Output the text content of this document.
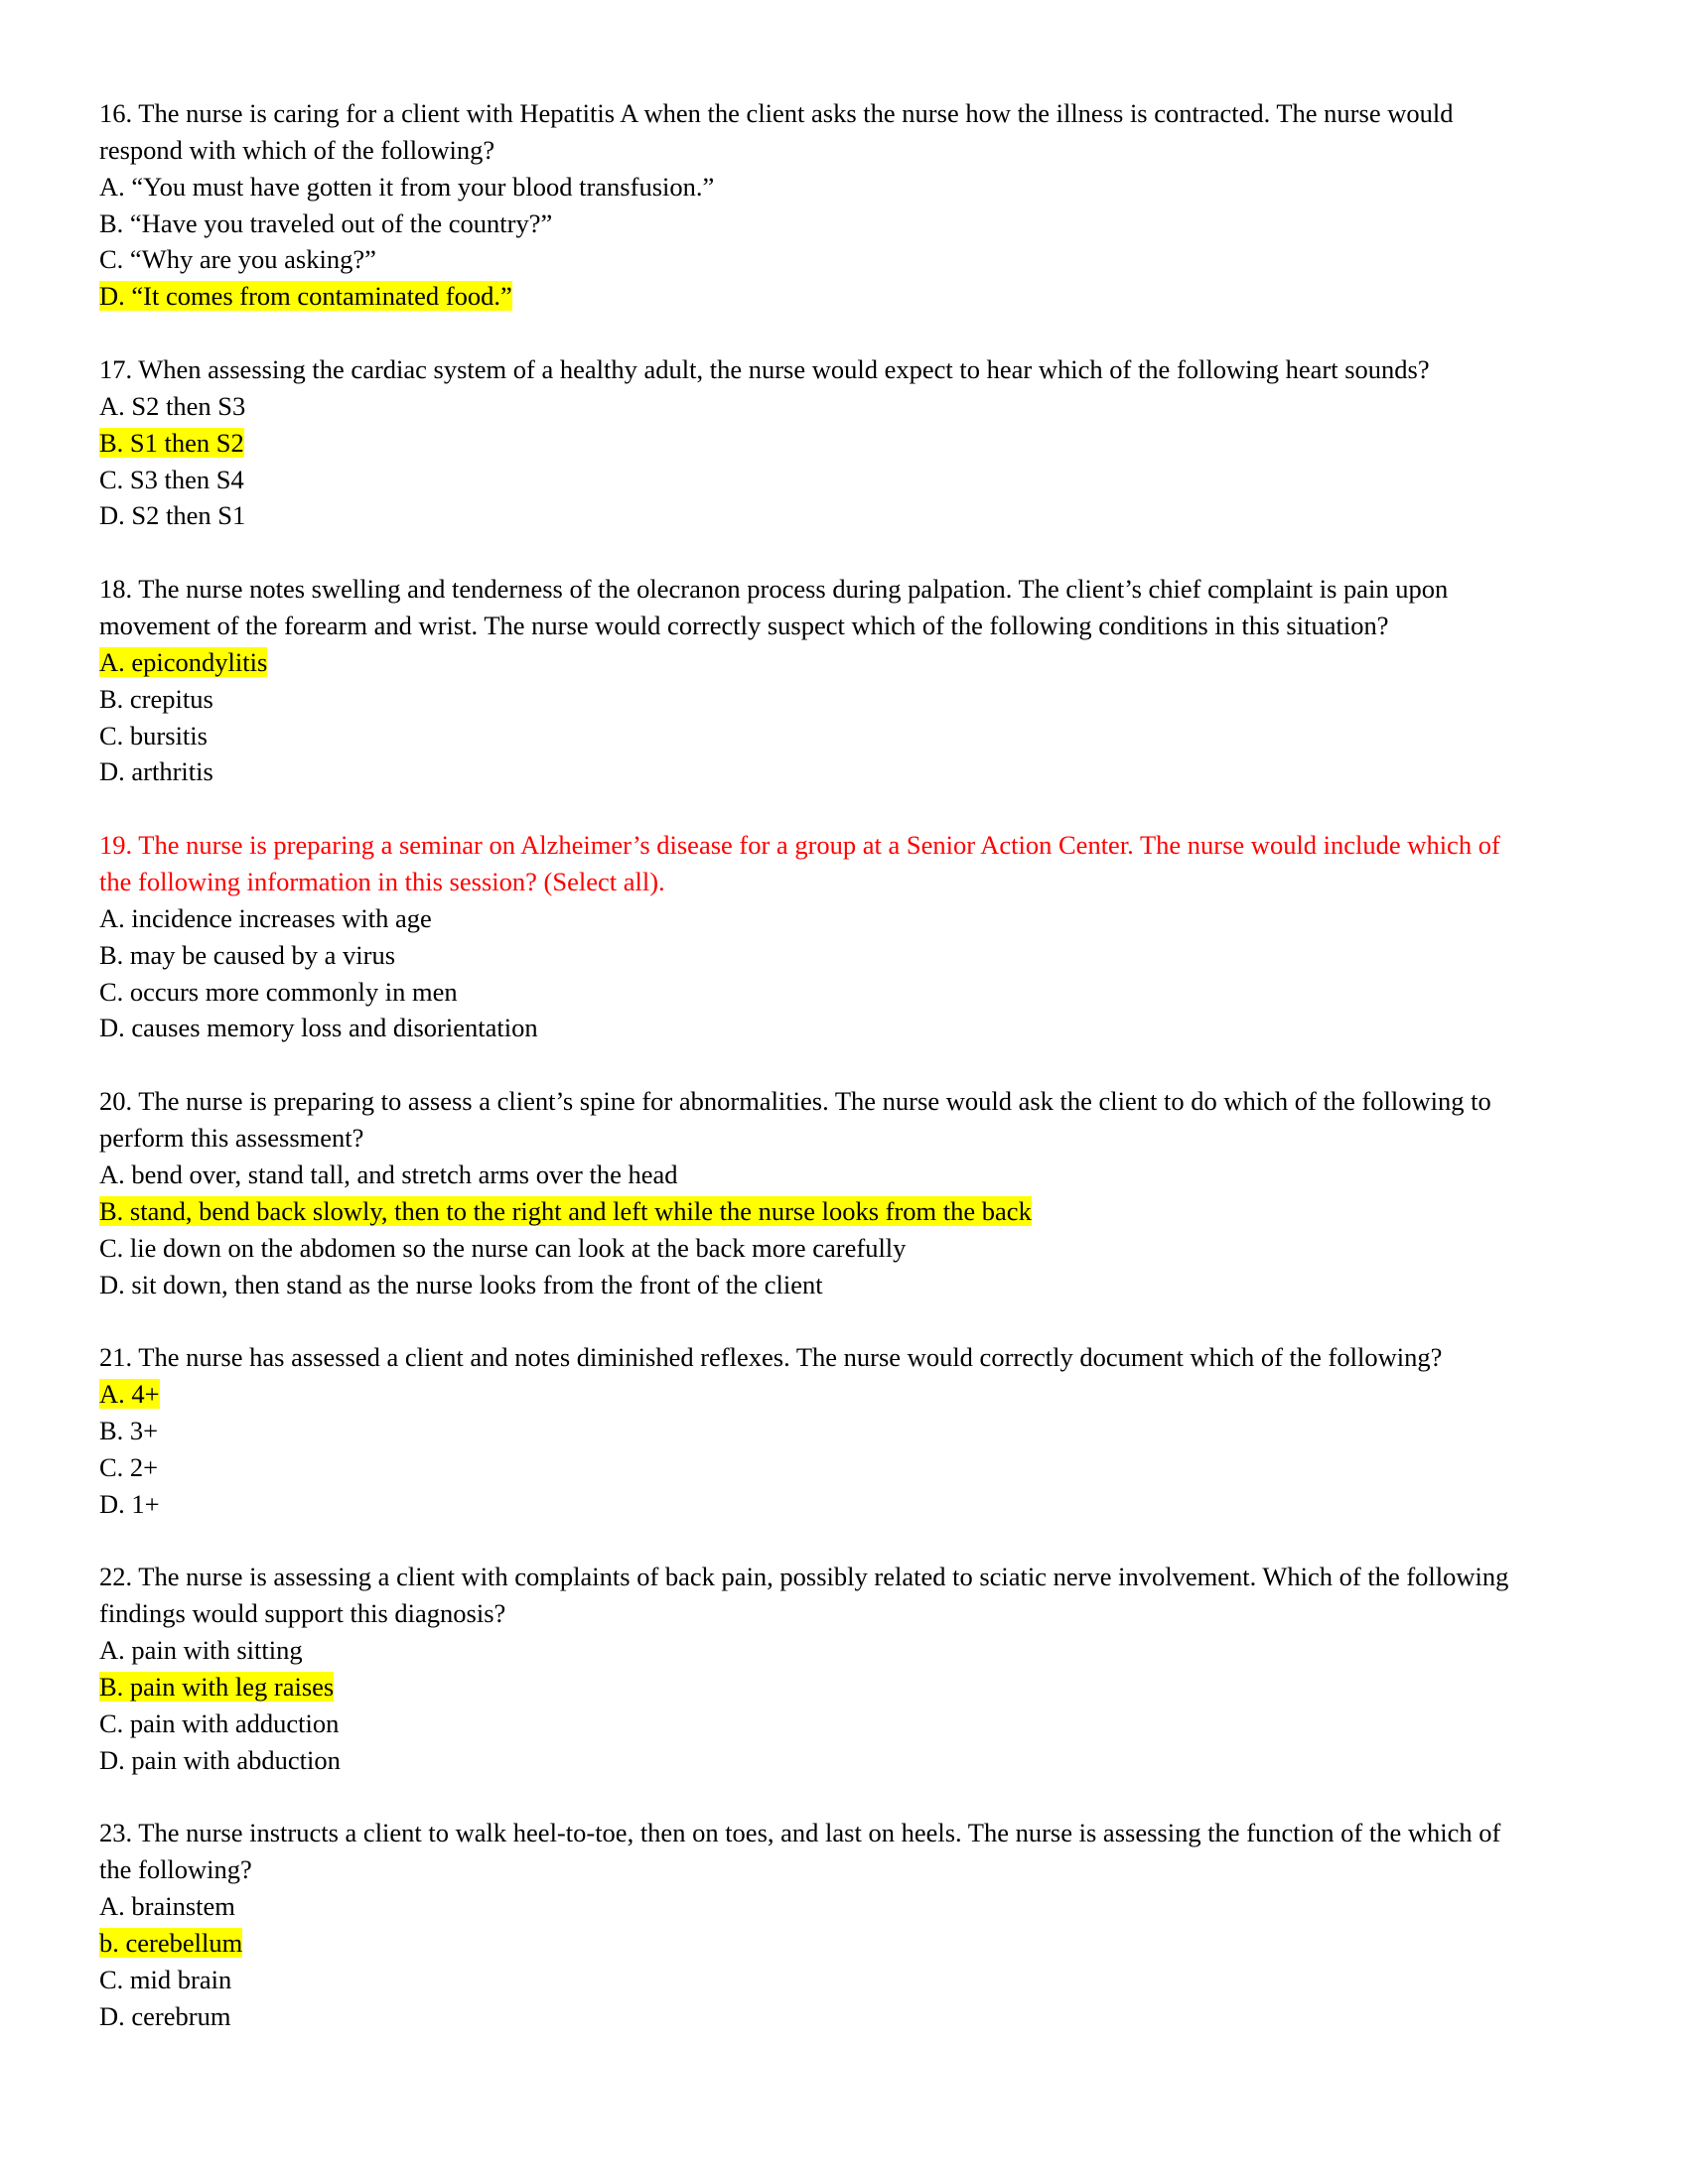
16. The nurse is caring for a client with Hepatitis A when the client asks the nurse how the illness is contracted. The nurse would
respond with which of the following?
A. “You must have gotten it from your blood transfusion.”
B. “Have you traveled out of the country?”
C. “Why are you asking?”
D. “It comes from contaminated food.”
17. When assessing the cardiac system of a healthy adult, the nurse would expect to hear which of the following heart sounds?
A. S2 then S3
B. S1 then S2
C. S3 then S4
D. S2 then S1
18. The nurse notes swelling and tenderness of the olecranon process during palpation. The client’s chief complaint is pain upon
movement of the forearm and wrist. The nurse would correctly suspect which of the following conditions in this situation?
A. epicondylitis
B. crepitus
C. bursitis
D. arthritis
19. The nurse is preparing a seminar on Alzheimer’s disease for a group at a Senior Action Center. The nurse would include which of
the following information in this session? (Select all).
A. incidence increases with age
B. may be caused by a virus
C. occurs more commonly in men
D. causes memory loss and disorientation
20. The nurse is preparing to assess a client’s spine for abnormalities. The nurse would ask the client to do which of the following to
perform this assessment?
A. bend over, stand tall, and stretch arms over the head
B. stand, bend back slowly, then to the right and left while the nurse looks from the back
C. lie down on the abdomen so the nurse can look at the back more carefully
D. sit down, then stand as the nurse looks from the front of the client
21. The nurse has assessed a client and notes diminished reflexes. The nurse would correctly document which of the following?
A. 4+
B. 3+
C. 2+
D. 1+
22. The nurse is assessing a client with complaints of back pain, possibly related to sciatic nerve involvement. Which of the following
findings would support this diagnosis?
A. pain with sitting
B. pain with leg raises
C. pain with adduction
D. pain with abduction
23. The nurse instructs a client to walk heel-to-toe, then on toes, and last on heels. The nurse is assessing the function of the which of
the following?
A. brainstem
b. cerebellum
C. mid brain
D. cerebrum
